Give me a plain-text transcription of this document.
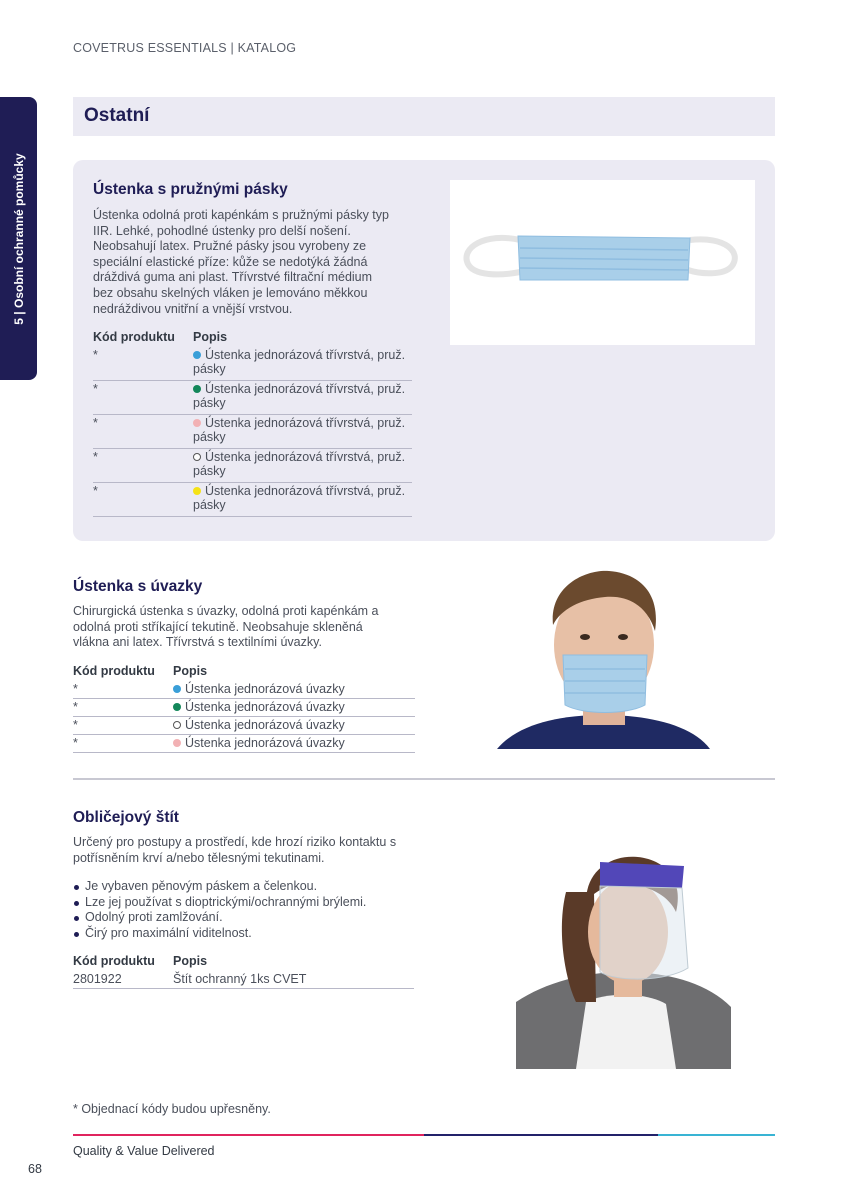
COVETRUS ESSENTIALS | KATALOG
5 | Osobní ochranné pomůcky
Ostatní
Ústenka s pružnými pásky

Ústenka odolná proti kapénkám s pružnými pásky typ IIR. Lehké, pohodlné ústenky pro delší nošení. Neobsahují latex. Pružné pásky jsou vyrobeny ze speciální elastické příze: kůže se nedotýká žádná dráždivá guma ani plast. Třívrstvé filtrační médium bez obsahu skelných vláken je lemováno měkkou nedráždivou vnitřní a vnější vrstvou.

Kód produktu	Popis
*	Ústenka jednorázová třívrstvá, pruž. pásky
*	Ústenka jednorázová třívrstvá, pruž. pásky
*	Ústenka jednorázová třívrstvá, pruž. pásky
*	Ústenka jednorázová třívrstvá, pruž. pásky
*	Ústenka jednorázová třívrstvá, pruž. pásky
Ústenka s úvazky

Chirurgická ústenka s úvazky, odolná proti kapénkám a odolná proti stříkající tekutině. Neobsahuje skleněná vlákna ani latex. Třívrstvá s textilními úvazky.

Kód produktu	Popis
*	Ústenka jednorázová úvazky
*	Ústenka jednorázová úvazky
*	Ústenka jednorázová úvazky
*	Ústenka jednorázová úvazky
Obličejový štít

Určený pro postupy a prostředí, kde hrozí riziko kontaktu s potřísněním krví a/nebo tělesnými tekutinami.

Je vybaven pěnovým páskem a čelenkou.
Lze jej používat s dioptrickými/ochrannými brýlemi.
Odolný proti zamlžování.
Čirý pro maximální viditelnost.
Kód produktu	Popis
2801922	Štít ochranný 1ks CVET
* Objednací kódy budou upřesněny.
Quality & Value Delivered
68
